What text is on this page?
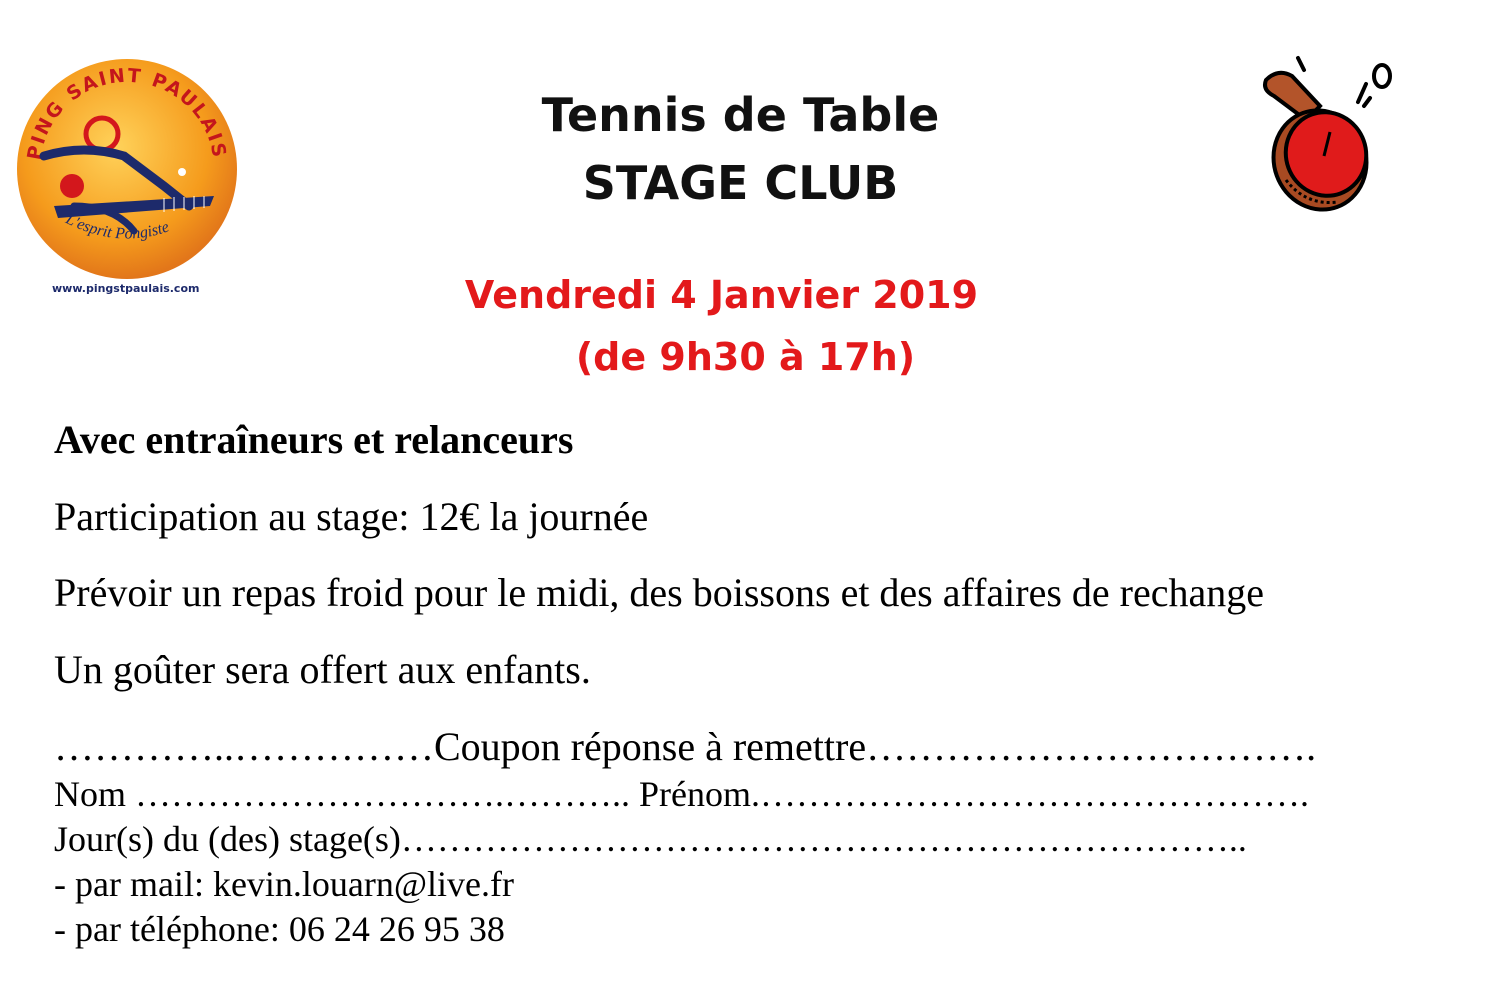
PING SAINT PAULAIS
L'esprit Pongiste
www.pingstpaulais.com
Tennis de Table
STAGE CLUB
Vendredi 4 Janvier 2019
(de 9h30 à 17h)
Avec entraîneurs et relanceurs
Participation au stage: 12€ la journée
Prévoir un repas froid pour le midi, des boissons et des affaires de rechange
Un goûter sera offert aux enfants.
…………..……………Coupon réponse à remettre…………………………….
Nom ………………………….……….. Prénom.……………………………………….
Jour(s) du (des) stage(s)……………………………………………………………..
- par mail: kevin.louarn@live.fr
- par téléphone: 06 24 26 95 38
